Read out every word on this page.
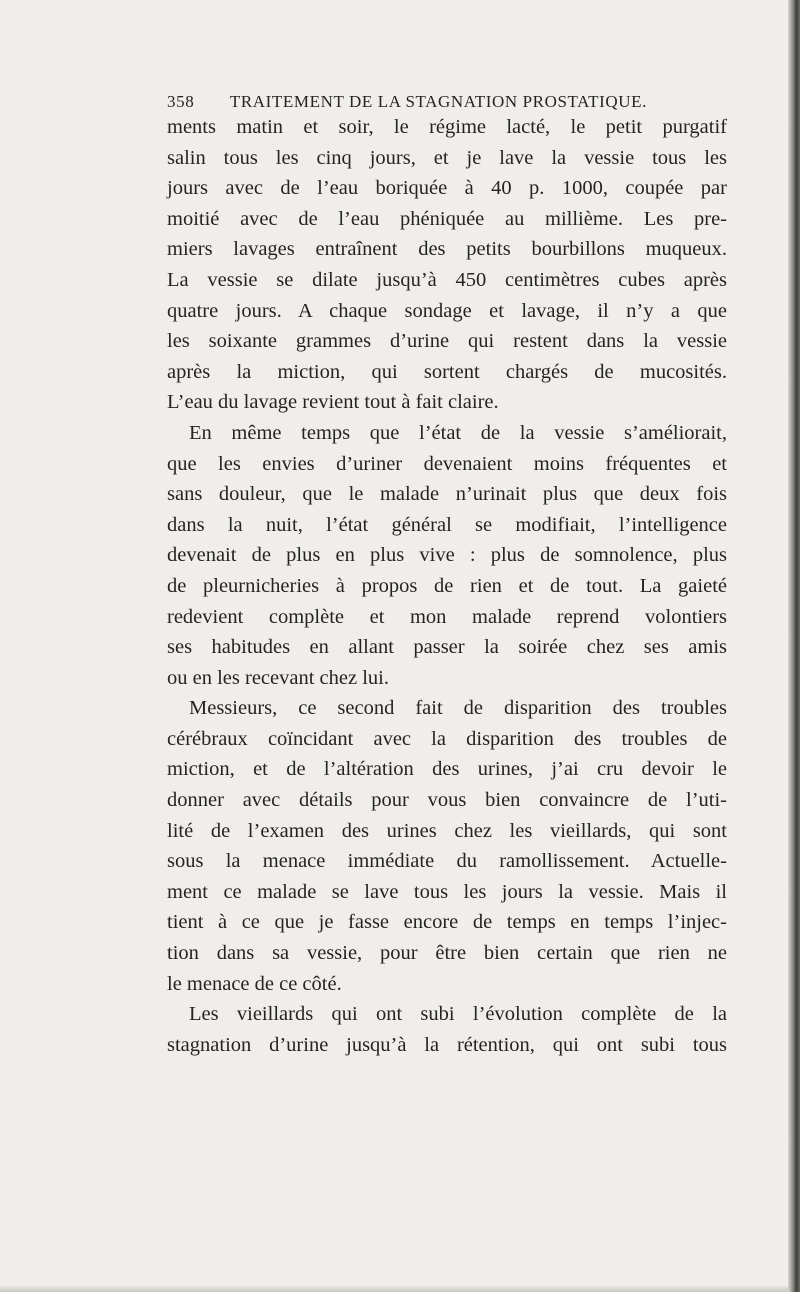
358 TRAITEMENT DE LA STAGNATION PROSTATIQUE.
ments matin et soir, le régime lacté, le petit purgatif
salin tous les cinq jours, et je lave la vessie tous les
jours avec de l’eau boriquée à 40 p. 1000, coupée par
moitié avec de l’eau phéniquée au millième. Les pre-
miers lavages entraînent des petits bourbillons muqueux.
La vessie se dilate jusqu’à 450 centimètres cubes après
quatre jours. A chaque sondage et lavage, il n’y a que
les soixante grammes d’urine qui restent dans la vessie
après la miction, qui sortent chargés de mucosités.
L’eau du lavage revient tout à fait claire.
En même temps que l’état de la vessie s’améliorait,
que les envies d’uriner devenaient moins fréquentes et
sans douleur, que le malade n’urinait plus que deux fois
dans la nuit, l’état général se modifiait, l’intelligence
devenait de plus en plus vive : plus de somnolence, plus
de pleurnicheries à propos de rien et de tout. La gaieté
redevient complète et mon malade reprend volontiers
ses habitudes en allant passer la soirée chez ses amis
ou en les recevant chez lui.
Messieurs, ce second fait de disparition des troubles
cérébraux coïncidant avec la disparition des troubles de
miction, et de l’altération des urines, j’ai cru devoir le
donner avec détails pour vous bien convaincre de l’uti-
lité de l’examen des urines chez les vieillards, qui sont
sous la menace immédiate du ramollissement. Actuelle-
ment ce malade se lave tous les jours la vessie. Mais il
tient à ce que je fasse encore de temps en temps l’injec-
tion dans sa vessie, pour être bien certain que rien ne
le menace de ce côté.
Les vieillards qui ont subi l’évolution complète de la
stagnation d’urine jusqu’à la rétention, qui ont subi tous
